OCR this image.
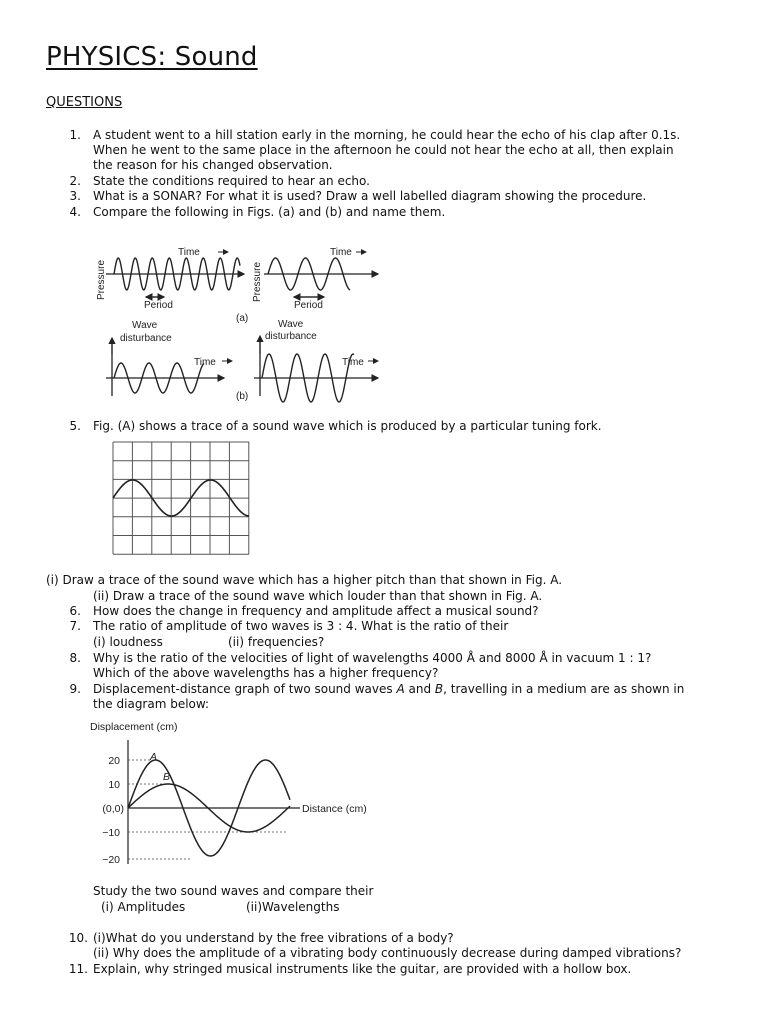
PHYSICS: Sound
QUESTIONS
1. A student went to a hill station early in the morning, he could hear the echo of his clap after 0.1s.
When he went to the same place in the afternoon he could not hear the echo at all, then explain
the reason for his changed observation.
2. State the conditions required to hear an echo.
3. What is a SONAR? For what it is used? Draw a well labelled diagram showing the procedure.
4. Compare the following in Figs. (a) and (b) and name them.
Time	Time
Pressure	Pressure
Period	Period
(a)
(b)
Wave
disturbance
Wave
disturbance
Time	Time
5. Fig. (A) shows a trace of a sound wave which is produced by a particular tuning fork.
(i) Draw a trace of the sound wave which has a higher pitch than that shown in Fig. A.
(ii) Draw a trace of the sound wave which louder than that shown in Fig. A.
6. How does the change in frequency and amplitude affect a musical sound?
7. The ratio of amplitude of two waves is 3 : 4. What is the ratio of their
(i) loudness	(ii) frequencies?
8. Why is the ratio of the velocities of light of wavelengths 4000 Å and 8000 Å in vacuum 1 : 1?
Which of the above wavelengths has a higher frequency?
9. Displacement-distance graph of two sound waves A and B, travelling in a medium are as shown in
the diagram below:
Displacement (cm)
Distance (cm)
20
10
(0,0)
−10
−20
A
B
Study the two sound waves and compare their
(i) Amplitudes	(ii)Wavelengths
10. (i)What do you understand by the free vibrations of a body?
(ii) Why does the amplitude of a vibrating body continuously decrease during damped vibrations?
11. Explain, why stringed musical instruments like the guitar, are provided with a hollow box.
